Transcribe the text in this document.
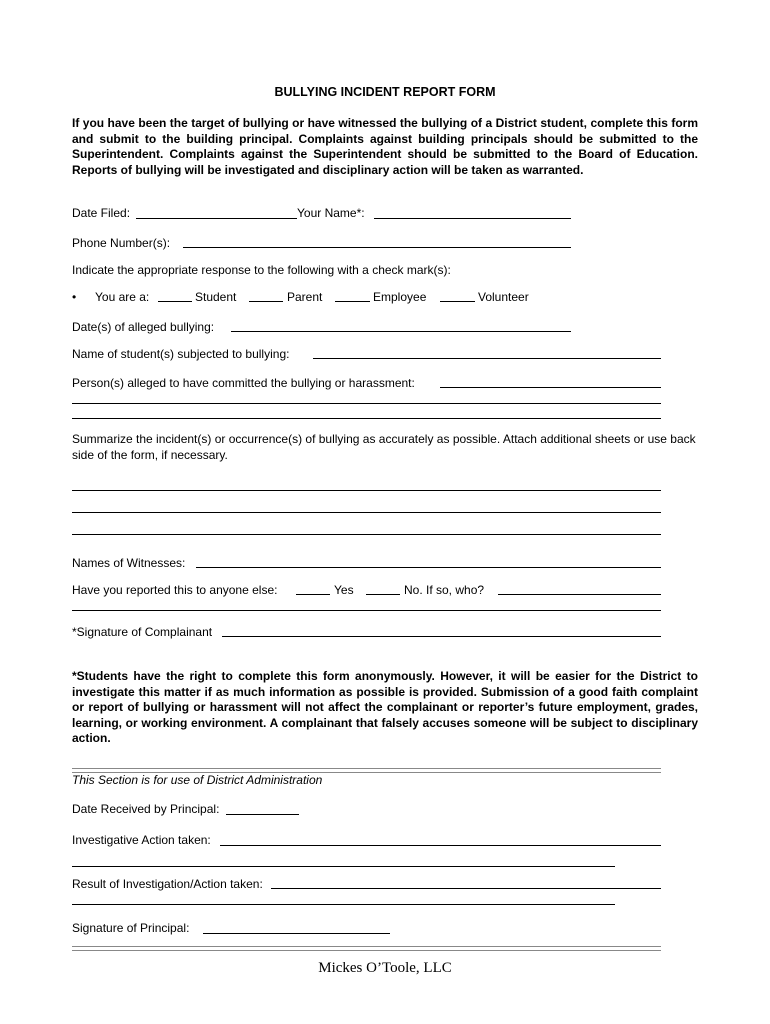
BULLYING INCIDENT REPORT FORM
If you have been the target of bullying or have witnessed the bullying of a District student, complete this form and submit to the building principal. Complaints against building principals should be submitted to the Superintendent. Complaints against the Superintendent should be submitted to the Board of Education. Reports of bullying will be investigated and disciplinary action will be taken as warranted.
Date Filed:	Your Name*:
Phone Number(s):
Indicate the appropriate response to the following with a check mark(s):
• You are a:	Student	Parent	Employee	Volunteer
Date(s) of alleged bullying:
Name of student(s) subjected to bullying:
Person(s) alleged to have committed the bullying or harassment:
Summarize the incident(s) or occurrence(s) of bullying as accurately as possible. Attach additional sheets or use back side of the form, if necessary.
Names of Witnesses:
Have you reported this to anyone else:	Yes	No. If so, who?
*Signature of Complainant
*Students have the right to complete this form anonymously. However, it will be easier for the District to investigate this matter if as much information as possible is provided. Submission of a good faith complaint or report of bullying or harassment will not affect the complainant or reporter’s future employment, grades, learning, or working environment. A complainant that falsely accuses someone will be subject to disciplinary action.
This Section is for use of District Administration
Date Received by Principal:
Investigative Action taken:
Result of Investigation/Action taken:
Signature of Principal:
Mickes O’Toole, LLC
